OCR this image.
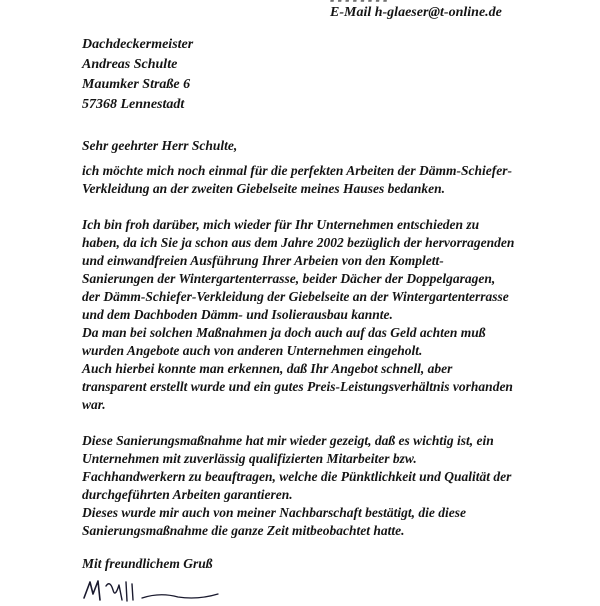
E-Mail h-glaeser@t-online.de
Dachdeckermeister
Andreas Schulte
Maumker Straße 6
57368 Lennestadt
Sehr geehrter Herr Schulte,
ich möchte mich noch einmal für die perfekten Arbeiten der Dämm-Schiefer-
Verkleidung an der zweiten Giebelseite meines Hauses bedanken.
Ich bin froh darüber, mich wieder für Ihr Unternehmen entschieden zu
haben, da ich Sie ja schon aus dem Jahre 2002 bezüglich der hervorragenden
und einwandfreien Ausführung Ihrer Arbeien von den Komplett-
Sanierungen der Wintergartenterrasse, beider Dächer der Doppelgaragen,
der Dämm-Schiefer-Verkleidung der Giebelseite an der Wintergartenterrasse
und dem Dachboden Dämm- und Isolierausbau kannte.
Da man bei solchen Maßnahmen ja doch auch auf das Geld achten muß
wurden Angebote auch von anderen Unternehmen eingeholt.
Auch hierbei konnte man erkennen, daß Ihr Angebot schnell, aber
transparent erstellt wurde und ein gutes Preis-Leistungsverhältnis vorhanden
war.
Diese Sanierungsmaßnahme hat mir wieder gezeigt, daß es wichtig ist, ein
Unternehmen mit zuverlässig qualifizierten Mitarbeiter bzw.
Fachhandwerkern zu beauftragen, welche die Pünktlichkeit und Qualität der
durchgeführten Arbeiten garantieren.
Dieses wurde mir auch von meiner Nachbarschaft bestätigt, die diese
Sanierungsmaßnahme die ganze Zeit mitbeobachtet hatte.
Mit freundlichem Gruß
